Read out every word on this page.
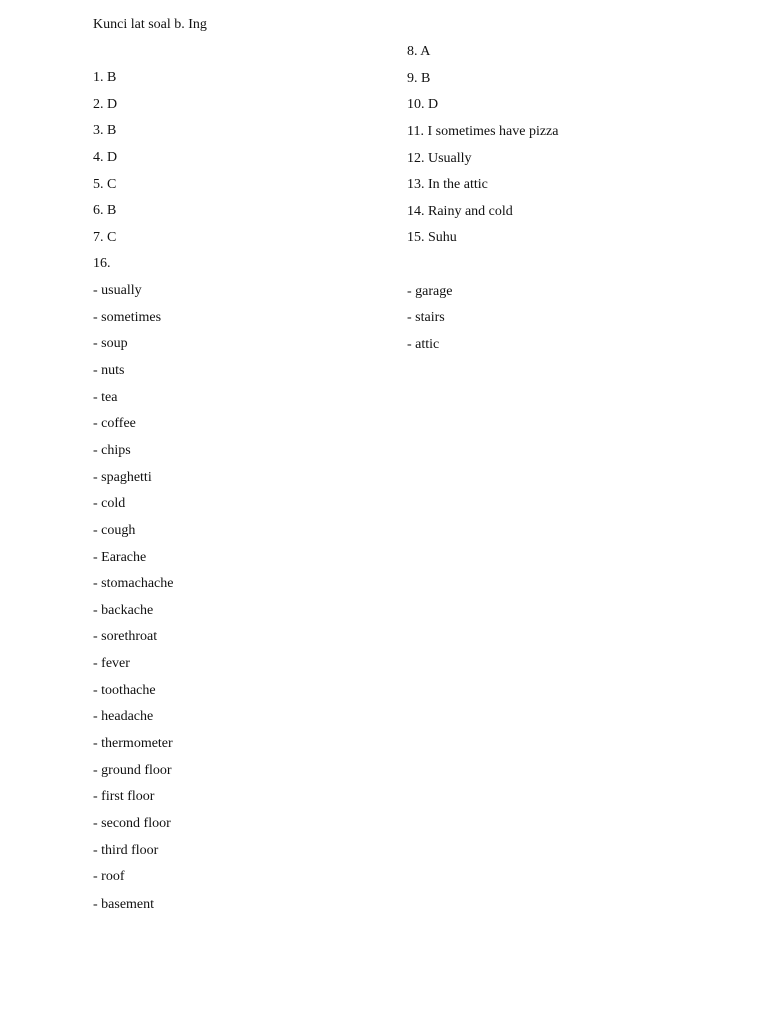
Kunci lat soal b. Ing
1. B
2. D
3. B
4. D
5. C
6. B
7. C
16.
- usually
- sometimes
- soup
- nuts
- tea
- coffee
- chips
- spaghetti
- cold
- cough
- Earache
- stomachache
- backache
- sorethroat
- fever
- toothache
- headache
- thermometer
- ground floor
- first floor
- second floor
- third floor
- roof
- basement
8. A
9. B
10. D
11. I sometimes have pizza
12. Usually
13. In the attic
14. Rainy and cold
15. Suhu
- garage
- stairs
- attic
